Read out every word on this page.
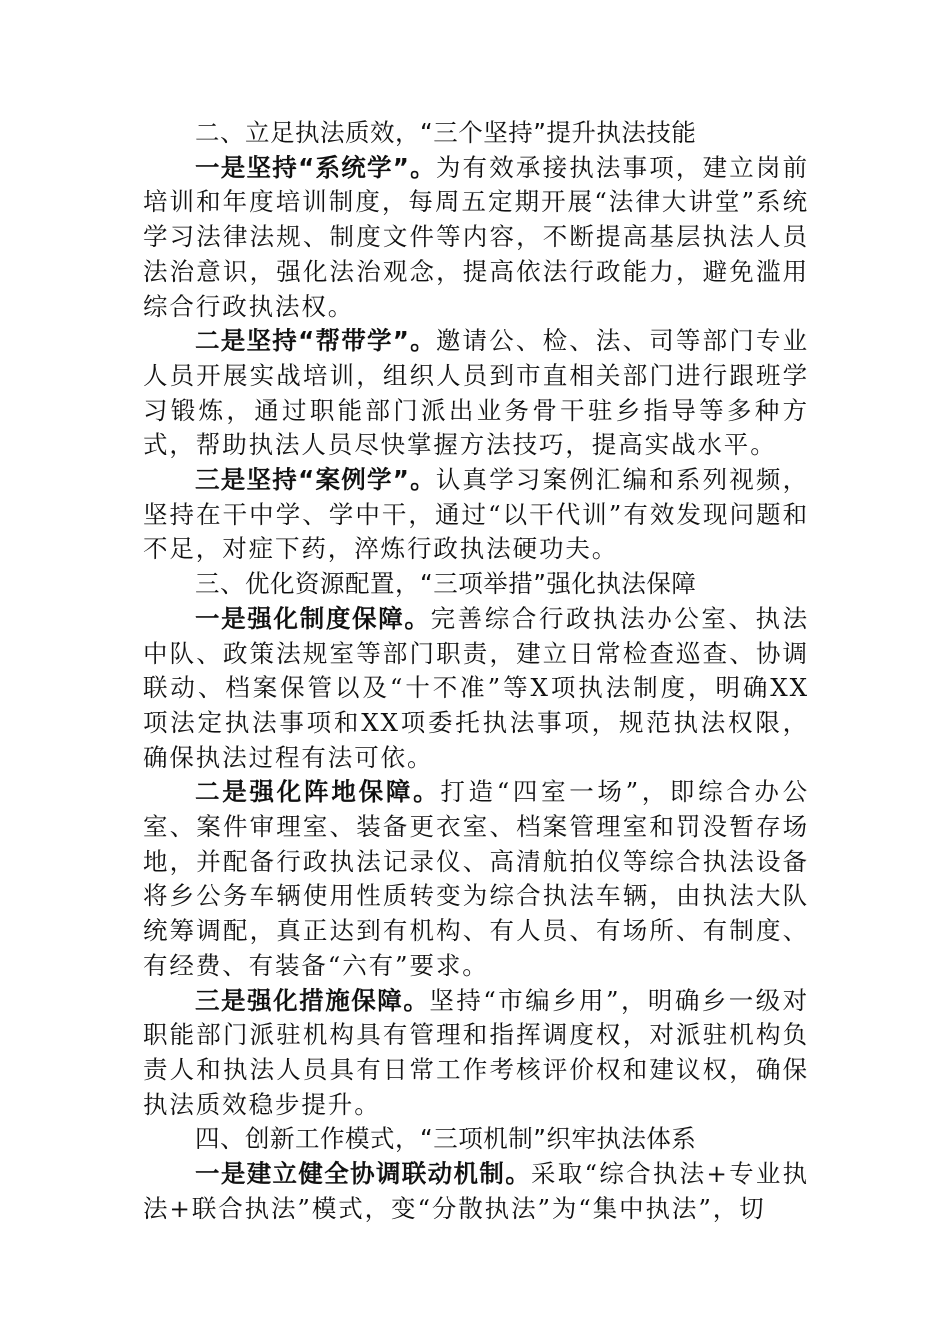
二、立足执法质效，“三个坚持”提升执法技能

一是坚持“系统学”。为有效承接执法事项，建立岗前培训和年度培训制度，每周五定期开展“法律大讲堂”系统学习法律法规、制度文件等内容，不断提高基层执法人员法治意识，强化法治观念，提高依法行政能力，避免滥用综合行政执法权。

二是坚持“帮带学”。邀请公、检、法、司等部门专业人员开展实战培训，组织人员到市直相关部门进行跟班学习锻炼，通过职能部门派出业务骨干驻乡指导等多种方式，帮助执法人员尽快掌握方法技巧，提高实战水平。

三是坚持“案例学”。认真学习案例汇编和系列视频，坚持在干中学、学中干，通过“以干代训”有效发现问题和不足，对症下药，淬炼行政执法硬功夫。

三、优化资源配置，“三项举措”强化执法保障

一是强化制度保障。完善综合行政执法办公室、执法中队、政策法规室等部门职责，建立日常检查巡查、协调联动、档案保管以及“十不准”等X项执法制度，明确XX项法定执法事项和XX项委托执法事项，规范执法权限，确保执法过程有法可依。

二是强化阵地保障。打造“四室一场”，即综合办公室、案件审理室、装备更衣室、档案管理室和罚没暂存场地，并配备行政执法记录仪、高清航拍仪等综合执法设备将乡公务车辆使用性质转变为综合执法车辆，由执法大队统筹调配，真正达到有机构、有人员、有场所、有制度、有经费、有装备“六有”要求。

三是强化措施保障。坚持“市编乡用”，明确乡一级对职能部门派驻机构具有管理和指挥调度权，对派驻机构负责人和执法人员具有日常工作考核评价权和建议权，确保执法质效稳步提升。

四、创新工作模式，“三项机制”织牢执法体系

一是建立健全协调联动机制。采取“综合执法+专业执法+联合执法”模式，变“分散执法”为“集中执法”，切
